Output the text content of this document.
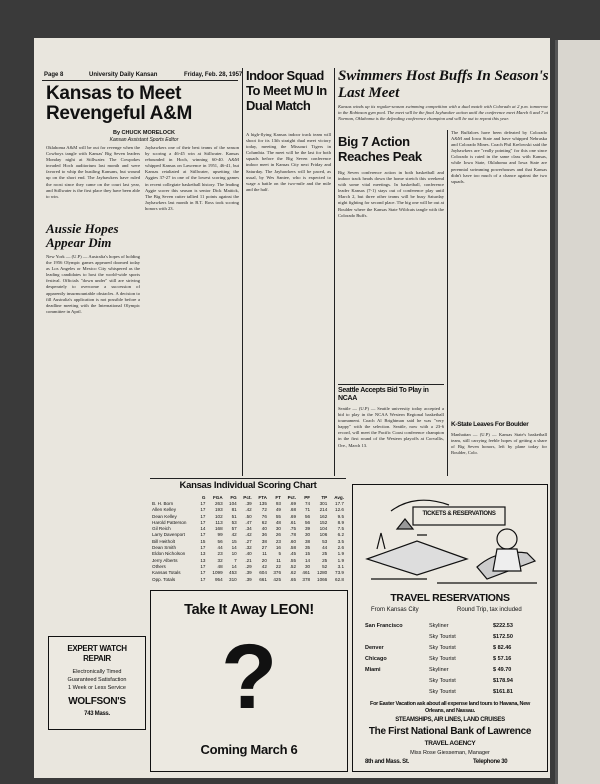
Page 8	University Daily Kansan	Friday, Feb. 28, 1957

Kansas to Meet Revengeful A&M

By CHUCK MORELOCK

Kansan Assistant Sports Editor

Oklahoma A&M will be out for revenge when the Cowboys tangle with Kansas' Big Seven leaders Monday night at Stillwater. The Cowpokes invaded Hoch auditorium last month and were favored to whip the hustling Kansans, but wound up on the short end. The Jayhawkers have ruled the roost since they came on the court last year, and Stillwater is the first place they have been able to win.

Jayhawkers one of their best teams of the season by scoring a 46-45 win at Stillwater. Kansas rebounded in Hoch, winning 60-40. A&M whipped Kansas on Lawrence in 1951, 46-41, but Kansas retaliated at Stillwater, upsetting the Aggies 37-27 in one of the lowest scoring games in recent collegiate basketball history. The leading Aggie scorer this season is senior Dick Mattick, The Big Seven cutter tallied 11 points against the Jayhawkers last month in B.T. Ross took scoring honors with 23.

Aussie Hopes Appear Dim

New York — (U.P) — Australia's hopes of holding the 1956 Olympic games appeared doomed today as Los Angeles or Mexico City whispered as the leading candidates to host the world-wide sports festival. Officials "down under" still are striving desperately to overcome a succession of apparently insurmountable obstacles. A decision to fill Australia's application is not possible before a deadline meeting with the International Olympic committee in April.

EXPERT WATCH

REPAIR

Electronically Timed

Guaranteed Satisfaction

1 Week or Less Service

WOLFSON'S

743 Mass.

Indoor Squad To Meet MU In Dual Match

A high-flying Kansas indoor track team will shoot for its 13th straight dual meet victory today, meeting the Missouri Tigers in Columbia. The meet will be the last for both squads before the Big Seven conference indoor meet in Kansas City next Friday and Saturday. The Jayhawkers will be paced, as usual, by Wes Santee, who is expected to wage a battle on the two-mile and the mile and the half.

Swimmers Host Buffs In Season's Last Meet

Kansas winds up its regular-season swimming competition with a dual match with Colorado at 2 p.m. tomorrow in the Robinson gym pool. The meet will be the final Jayhawker action until the conference meet March 6 and 7 at Norman, Oklahoma is the defending conference champion and will be out to repeat this year.

The Buffaloes have been defeated by Colorado A&M and Iowa State and have whipped Nebraska and Colorado Mines. Coach Phil Krelowski said the Jayhawkers are "really pointing" for this one since Colorado is rated in the same class with Kansas, while Iowa State, Oklahoma and Iowa State are perennial swimming powerhouses and that Kansas didn't have too much of a chance against the two squads.

Big 7 Action Reaches Peak

Big Seven conference action in both basketball and indoor track heads down the home stretch this weekend with some vital meetings. In basketball, conference leader Kansas (7-1) stays out of conference play until March 2, but three other teams will be busy Saturday night fighting for second place. The big one will be out at Boulder where the Kansas State Wildcats tangle with the Colorado Buffs.

Seattle Accepts Bid To Play in NCAA

Seattle — (U.P) — Seattle university today accepted a bid to play in the NCAA Western Regional basketball tournament. Coach Al Brightman said he was "very happy" with the selection. Seattle, now with a 23-6 record, will meet the Pacific Coast conference champion in the first round of the Western playoffs at Corvallis, Ore., March 13.

K-State Leaves For Boulder

Manhattan — (U.P) — Kansas State's basketball team, still carrying feeble hopes of getting a share of Big Seven honors, left by plane today for Boulder, Colo.

Kansas Individual Scoring Chart
	G	FGA	FG	Pct.	FTA	FT	Pct.	PF	TP	Avg.
B. H. Born	17	263	104	.39	135	93	.69	74	301	17.7
Allen Kelley	17	193	81	.42	72	49	.68	71	214	12.6
Dean Kelley	17	102	51	.50	76	55	.69	56	162	9.5
Harold Patterson	17	113	53	.47	62	48	.61	56	152	8.9
Gil Reich	14	168	57	.34	40	30	.75	39	104	7.5
Larry Davenport	17	99	42	.42	36	26	.78	30	106	6.2
Bill Heitholt	15	56	15	.27	38	23	.60	38	53	3.5
Dean Smith	17	44	14	.32	27	16	.58	35	44	2.6
Eldon Nicholson	13	23	10	.40	11	5	.45	15	25	1.9
Jerry Alberts	13	32	7	.21	20	11	.55	14	25	1.9
Others	17	48	14	.29	42	22	.52	30	52	3.1
Kansas Totals	17	1099	453	.39	604	376	.62	461	1280	73.9
Opp. Totals	17	954	310	.39	661	425	.65	378	1066	62.8

Take It Away LEON!

?

Coming March 6

TICKETS & RESERVATIONS

TRAVEL RESERVATIONS

From Kansas City	Round Trip, tax included

San Francisco	Skyliner	$222.53

Sky Tourist	$172.50

Denver	Sky Tourist	$ 82.46

Chicago	Sky Tourist	$ 57.16

Miami	Skyliner	$ 49.70

Sky Tourist	$178.94

Sky Tourist	$161.81

For Easter Vacation ask about all expense land tours to Havana, New Orleans, and Nassau.

STEAMSHIPS, AIR LINES, LAND CRUISES

The First National Bank of Lawrence

TRAVEL AGENCY

Miss Rose Giesseman, Manager

8th and Mass. St.	Telephone 30
